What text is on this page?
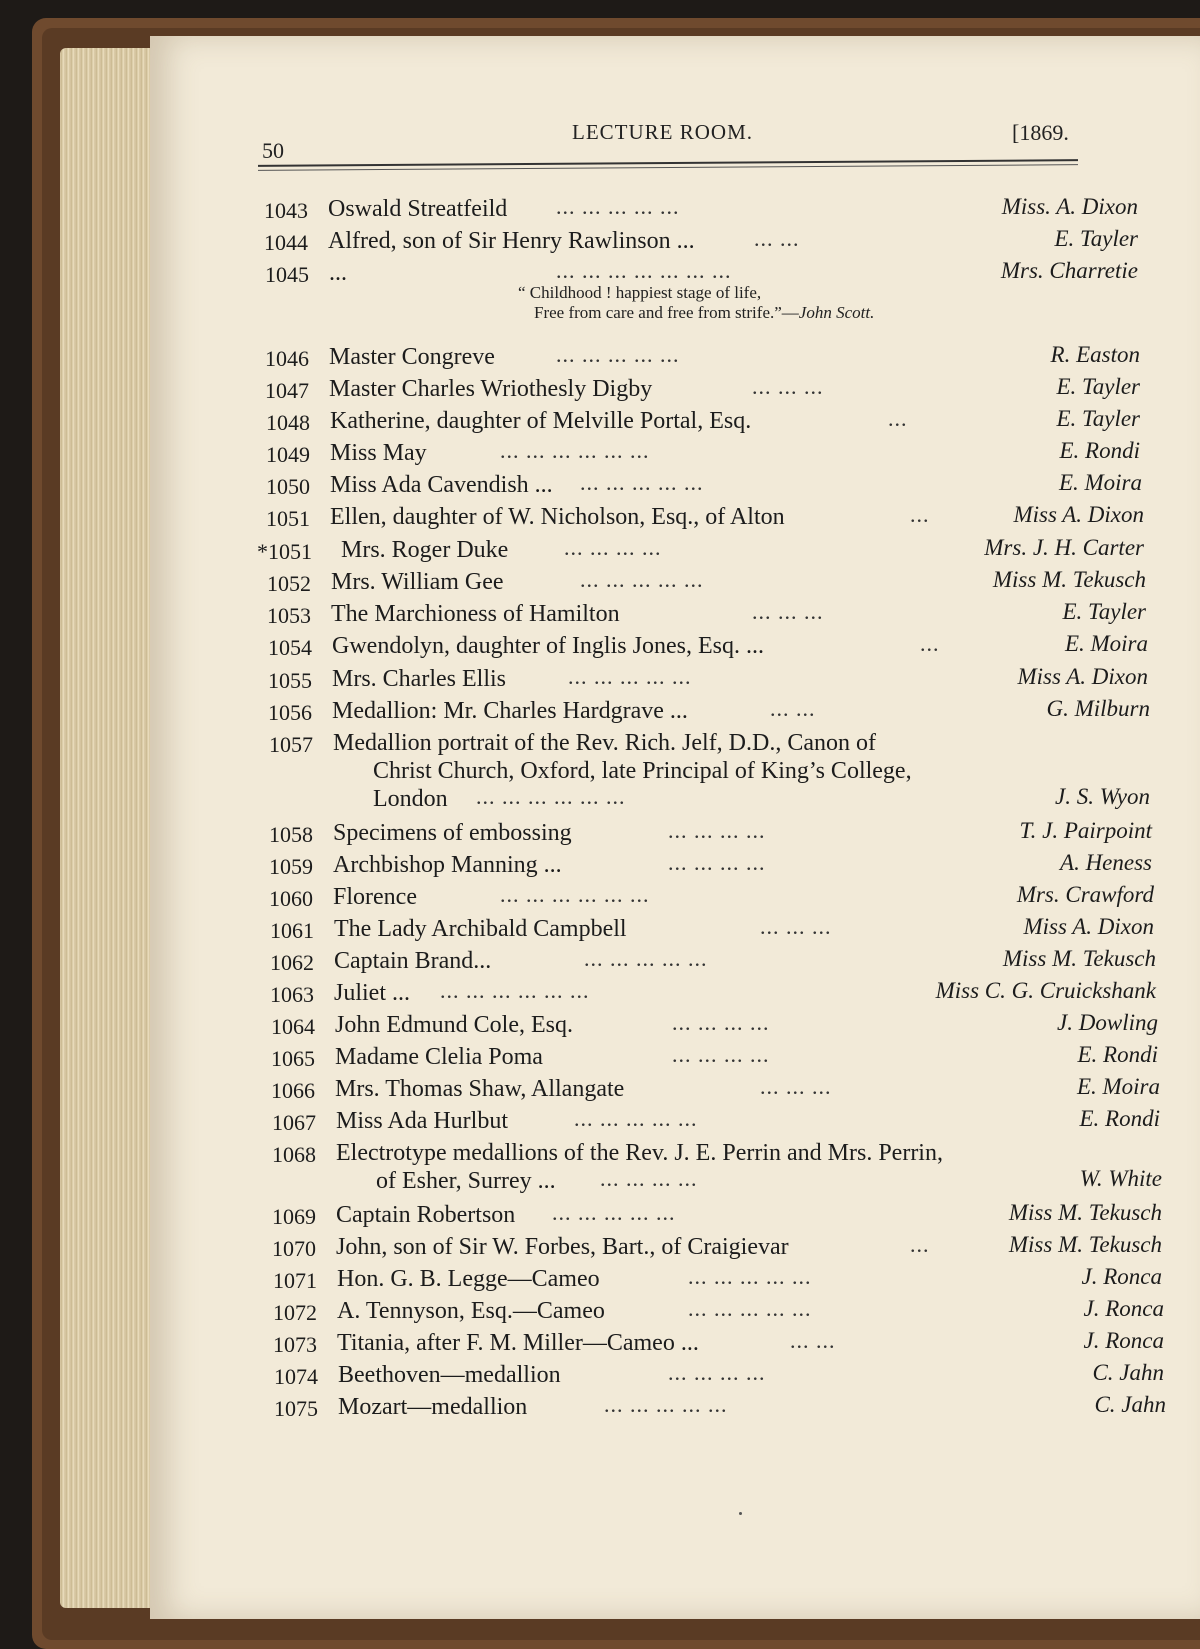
50
LECTURE ROOM.	[1869.
1043 Oswald Streatfeild ... ... ... ... ...	Miss. A. Dixon
1044 Alfred, son of Sir Henry Rawlinson ...	... ...	E. Tayler
1045 ...	... ... ... ... ... ... ...	Mrs. Charretie
1046 Master Congreve	... ... ... ... ...	R. Easton
1047 Master Charles Wriothesly Digby	... ... ...	E. Tayler
1048 Katherine, daughter of Melville Portal, Esq.	...	E. Tayler
1049 Miss May	... ... ... ... ... ...	E. Rondi
1050 Miss Ada Cavendish ... ... ... ... ... ...	E. Moira
1051 Ellen, daughter of W. Nicholson, Esq., of Alton	...	Miss A. Dixon
*1051 Mrs. Roger Duke	... ... ... ...	Mrs. J. H. Carter
1052 Mrs. William Gee	... ... ... ... ...	Miss M. Tekusch
1053 The Marchioness of Hamilton	... ... ...	E. Tayler
1054 Gwendolyn, daughter of Inglis Jones, Esq. ...	...	E. Moira
1055 Mrs. Charles Ellis	... ... ... ... ...	Miss A. Dixon
1056 Medallion: Mr. Charles Hardgrave ...	... ...	G. Milburn
1057 Medallion portrait of the Rev. Rich. Jelf, D.D., Canon of
Christ Church, Oxford, late Principal of King’s College,
London ... ... ... ... ... ...	J. S. Wyon
1058 Specimens of embossing	... ... ... ...	T. J. Pairpoint
1059 Archbishop Manning ...	... ... ... ...	A. Heness
1060 Florence	... ... ... ... ... ...	Mrs. Crawford
1061 The Lady Archibald Campbell	... ... ...	Miss A. Dixon
1062 Captain Brand...	... ... ... ... ...	Miss M. Tekusch
1063 Juliet ... ... ... ... ... ... ...	Miss C. G. Cruickshank
1064 John Edmund Cole, Esq.	... ... ... ...	J. Dowling
1065 Madame Clelia Poma	... ... ... ...	E. Rondi
1066 Mrs. Thomas Shaw, Allangate	... ... ...	E. Moira
1067 Miss Ada Hurlbut	... ... ... ... ...	E. Rondi
1068 Electrotype medallions of the Rev. J. E. Perrin and Mrs. Perrin,
of Esher, Surrey ... ... ... ... ...	W. White
1069 Captain Robertson ... ... ... ... ...	Miss M. Tekusch
1070 John, son of Sir W. Forbes, Bart., of Craigievar	...	Miss M. Tekusch
1071 Hon. G. B. Legge—Cameo	... ... ... ... ...	J. Ronca
1072 A. Tennyson, Esq.—Cameo	... ... ... ... ...	J. Ronca
1073 Titania, after F. M. Miller—Cameo ...	... ...	J. Ronca
1074 Beethoven—medallion	... ... ... ...	C. Jahn
1075 Mozart—medallion	... ... ... ... ...	C. Jahn
“ Childhood ! happiest stage of life,
Free from care and free from strife.”—John Scott.
